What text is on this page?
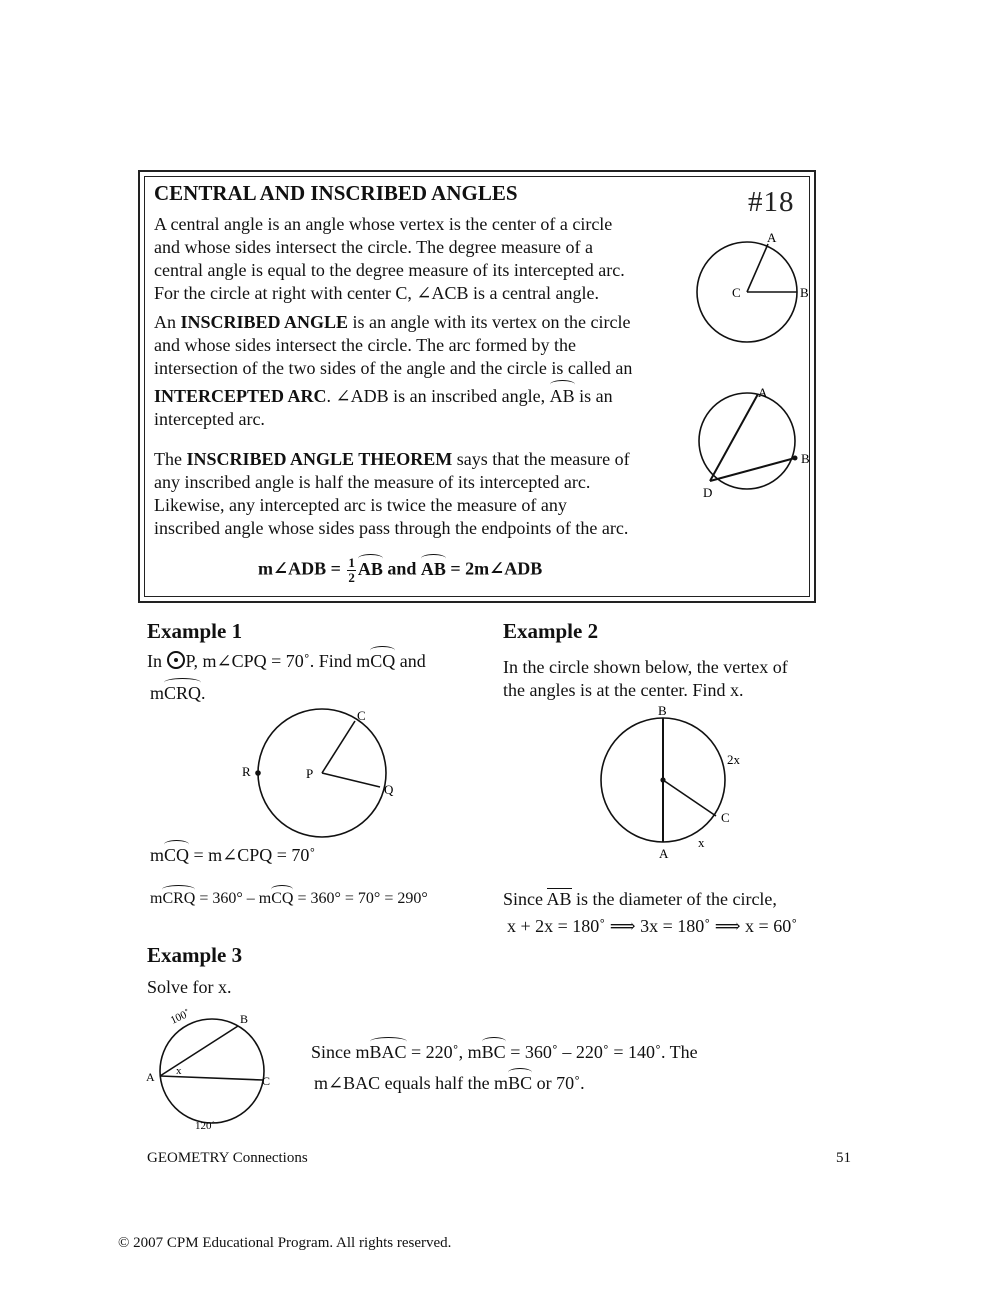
CENTRAL AND INSCRIBED ANGLES	#18
A central angle is an angle whose vertex is the center of a circle
and whose sides intersect the circle. The degree measure of a
central angle is equal to the degree measure of its intercepted arc.
For the circle at right with center C, ∠ACB is a central angle.
An INSCRIBED ANGLE is an angle with its vertex on the circle
and whose sides intersect the circle. The arc formed by the
intersection of the two sides of the angle and the circle is called an
INTERCEPTED ARC. ∠ADB is an inscribed angle, AB is an
intercepted arc.
The INSCRIBED ANGLE THEOREM says that the measure of
any inscribed angle is half the measure of its intercepted arc.
Likewise, any intercepted arc is twice the measure of any
inscribed angle whose sides pass through the endpoints of the arc.
m∠ADB = $\frac{1}{2}$ AB and AB = 2m∠ADB
A
B
C
A
B
D
Example 1
In P, m∠CPQ = 70˚. Find mCQ and
mCRQ.
C
P
Q
R
mCQ = m∠CPQ = 70˚
mCRQ = 360° – mCQ = 360° = 70° = 290°
Example 2
In the circle shown below, the vertex of
the angles is at the center. Find x.
B
A
C
2x
x
Since AB is the diameter of the circle,
x + 2x = 180˚ ⟹ 3x = 180˚ ⟹ x = 60˚
Example 3
Solve for x.
A
B
C
x
100˚
120˚
Since mBAC = 220˚, mBC = 360˚ – 220˚ = 140˚. The
m∠BAC equals half the mBC or 70˚.
GEOMETRY Connections	51
© 2007 CPM Educational Program. All rights reserved.
